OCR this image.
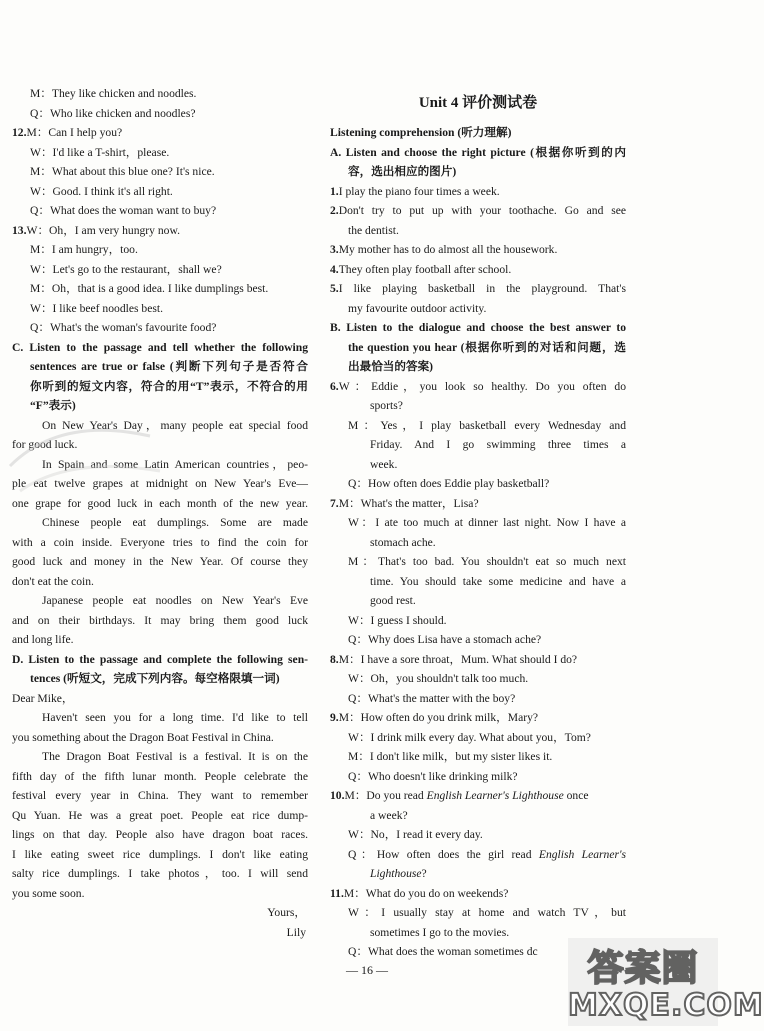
M：They like chicken and noodles.
Q：Who like chicken and noodles?
12.M：Can I help you?
W：I'd like a T-shirt，please.
M：What about this blue one? It's nice.
W：Good. I think it's all right.
Q：What does the woman want to buy?
13.W：Oh，I am very hungry now.
M：I am hungry，too.
W：Let's go to the restaurant，shall we?
M：Oh，that is a good idea. I like dumplings best.
W：I like beef noodles best.
Q：What's the woman's favourite food?
C. Listen to the passage and tell whether the following
sentences are true or false (判断下列句子是否符合
你听到的短文内容，符合的用“T”表示，不符合的用
“F”表示)
On New Year's Day，many people eat special food
for good luck.
In Spain and some Latin American countries，peo-
ple eat twelve grapes at midnight on New Year's Eve—
one grape for good luck in each month of the new year.
Chinese people eat dumplings. Some are made
with a coin inside. Everyone tries to find the coin for
good luck and money in the New Year. Of course they
don't eat the coin.
Japanese people eat noodles on New Year's Eve
and on their birthdays. It may bring them good luck
and long life.
D. Listen to the passage and complete the following sen-
tences (听短文，完成下列内容。每空格限填一词)
Dear Mike，
Haven't seen you for a long time. I'd like to tell
you something about the Dragon Boat Festival in China.
The Dragon Boat Festival is a festival. It is on the
fifth day of the fifth lunar month. People celebrate the
festival every year in China. They want to remember
Qu Yuan. He was a great poet. People eat rice dump-
lings on that day. People also have dragon boat races.
I like eating sweet rice dumplings. I don't like eating
salty rice dumplings. I take photos，too. I will send
you some soon.
Yours，
Lily
Unit 4 评价测试卷
Listening comprehension (听力理解)
A. Listen and choose the right picture (根据你听到的内
容，选出相应的图片)
1.I play the piano four times a week.
2.Don't try to put up with your toothache. Go and see
the dentist.
3.My mother has to do almost all the housework.
4.They often play football after school.
5.I like playing basketball in the playground. That's
my favourite outdoor activity.
B. Listen to the dialogue and choose the best answer to
the question you hear (根据你听到的对话和问题，选
出最恰当的答案)
6.W：Eddie，you look so healthy. Do you often do
sports?
M：Yes，I play basketball every Wednesday and
Friday. And I go swimming three times a
week.
Q：How often does Eddie play basketball?
7.M：What's the matter，Lisa?
W：I ate too much at dinner last night. Now I have a
stomach ache.
M：That's too bad. You shouldn't eat so much next
time. You should take some medicine and have a
good rest.
W：I guess I should.
Q：Why does Lisa have a stomach ache?
8.M：I have a sore throat，Mum. What should I do?
W：Oh，you shouldn't talk too much.
Q：What's the matter with the boy?
9.M：How often do you drink milk，Mary?
W：I drink milk every day. What about you，Tom?
M：I don't like milk，but my sister likes it.
Q：Who doesn't like drinking milk?
10.M：Do you read English Learner's Lighthouse once
a week?
W：No，I read it every day.
Q：How often does the girl read English Learner's
Lighthouse?
11.M：What do you do on weekends?
W：I usually stay at home and watch TV，but
sometimes I go to the movies.
Q：What does the woman sometimes dc
— 16 —	答案圈
MXQE.COM
